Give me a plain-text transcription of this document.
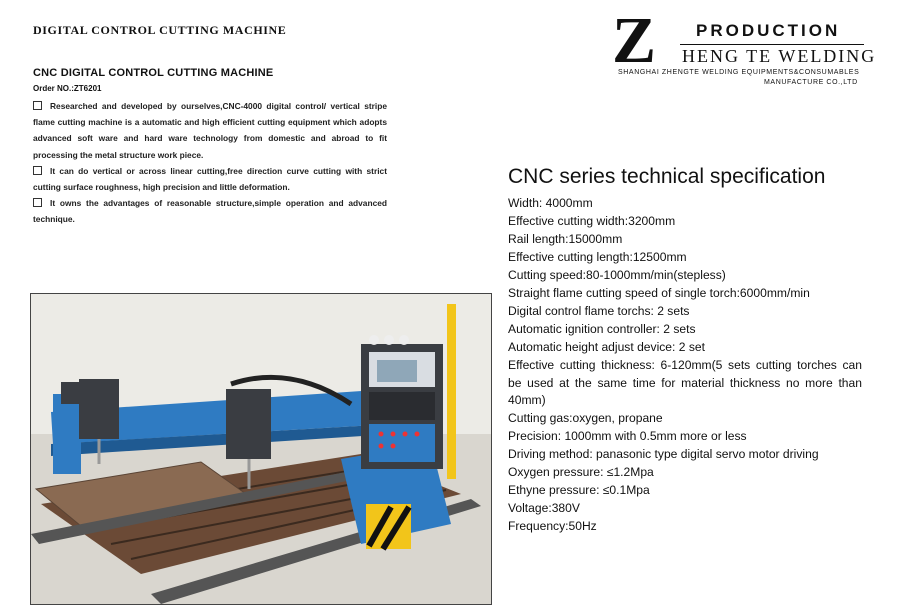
DIGITAL CONTROL CUTTING MACHINE	Z PRODUCTION
HENG TE WELDING
SHANGHAI ZHENGTE WELDING EQUIPMENTS&CONSUMABLES
MANUFACTURE CO.,LTD
CNC DIGITAL CONTROL CUTTING MACHINE
Order NO.:ZT6201

Researched and developed by ourselves,CNC-4000 digital control/ vertical stripe flame cutting machine is a automatic and high efficient cutting equipment which adopts advanced soft ware and hard ware technology from domestic and abroad to fit processing the metal structure work piece.

It can do vertical or across linear cutting,free direction curve cutting with strict cutting surface roughness, high precision and little deformation.

It owns the advantages of reasonable structure,simple operation and advanced technique.

CNC series technical specification
Width: 4000mm
Effective cutting width:3200mm
Rail length:15000mm
Effective cutting length:12500mm
Cutting speed:80-1000mm/min(stepless)
Straight flame cutting speed of single torch:6000mm/min
Digital control flame torchs: 2 sets
Automatic ignition controller: 2 sets
Automatic height adjust device: 2 set
Effective cutting thickness: 6-120mm(5 sets cutting torches can be used at the same time for material thickness no more than 40mm)
Cutting gas:oxygen, propane
Precision: 1000mm with 0.5mm more or less
Driving method: panasonic type digital servo motor driving
Oxygen pressure: ≤1.2Mpa
Ethyne pressure: ≤0.1Mpa
Voltage:380V
Frequency:50Hz
